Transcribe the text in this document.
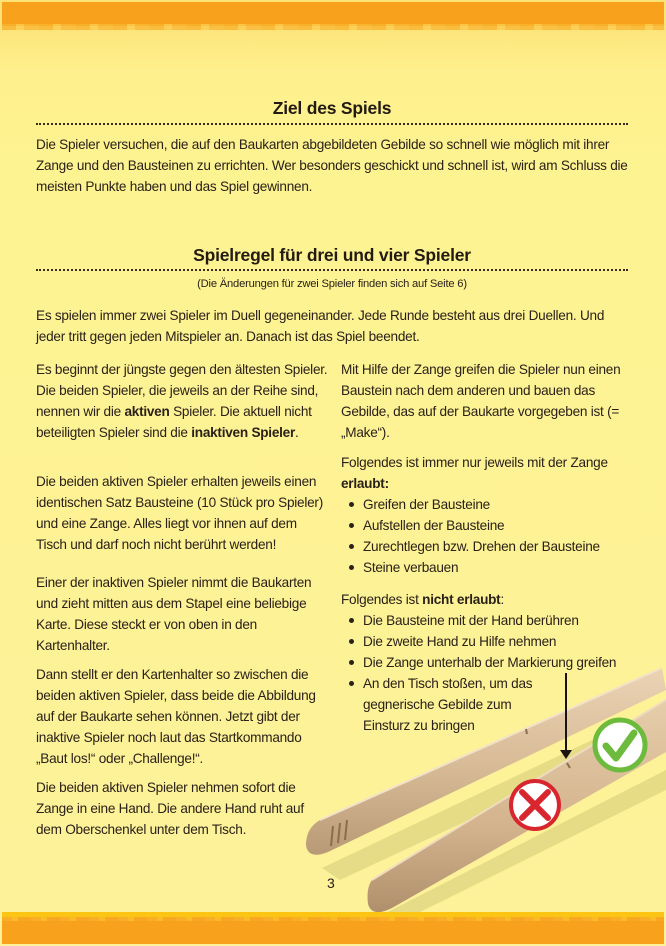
Ziel des Spiels

Die Spieler versuchen, die auf den Baukarten abgebildeten Gebilde so schnell wie möglich mit ihrer Zange und den Bausteinen zu errichten. Wer besonders geschickt und schnell ist, wird am Schluss die meisten Punkte haben und das Spiel gewinnen.

Spielregel für drei und vier Spieler
(Die Änderungen für zwei Spieler finden sich auf Seite 6)

Es spielen immer zwei Spieler im Duell gegeneinander. Jede Runde besteht aus drei Duellen. Und jeder tritt gegen jeden Mitspieler an. Danach ist das Spiel beendet.

Es beginnt der jüngste gegen den ältesten Spieler. Die beiden Spieler, die jeweils an der Reihe sind, nennen wir die aktiven Spieler. Die aktuell nicht beteiligten Spieler sind die inaktiven Spieler.

Die beiden aktiven Spieler erhalten jeweils einen identischen Satz Bausteine (10 Stück pro Spieler) und eine Zange. Alles liegt vor ihnen auf dem Tisch und darf noch nicht berührt werden!

Einer der inaktiven Spieler nimmt die Baukarten und zieht mitten aus dem Stapel eine beliebige Karte. Diese steckt er von oben in den Kartenhalter.

Dann stellt er den Kartenhalter so zwischen die beiden aktiven Spieler, dass beide die Abbildung auf der Baukarte sehen können. Jetzt gibt der inaktive Spieler noch laut das Startkommando „Baut los!“ oder „Challenge!“.

Die beiden aktiven Spieler nehmen sofort die Zange in eine Hand. Die andere Hand ruht auf dem Oberschenkel unter dem Tisch.

Mit Hilfe der Zange greifen die Spieler nun einen Baustein nach dem anderen und bauen das Gebilde, das auf der Baukarte vorgegeben ist (= „Make“).

Folgendes ist immer nur jeweils mit der Zange erlaubt:

Greifen der Bausteine
Aufstellen der Bausteine
Zurechtlegen bzw. Drehen der Bausteine
Steine verbauen

Folgendes ist nicht erlaubt:

Die Bausteine mit der Hand berühren
Die zweite Hand zu Hilfe nehmen
Die Zange unterhalb der Markierung greifen
An den Tisch stoßen, um das gegnerische Gebilde zum Einsturz zu bringen
3
